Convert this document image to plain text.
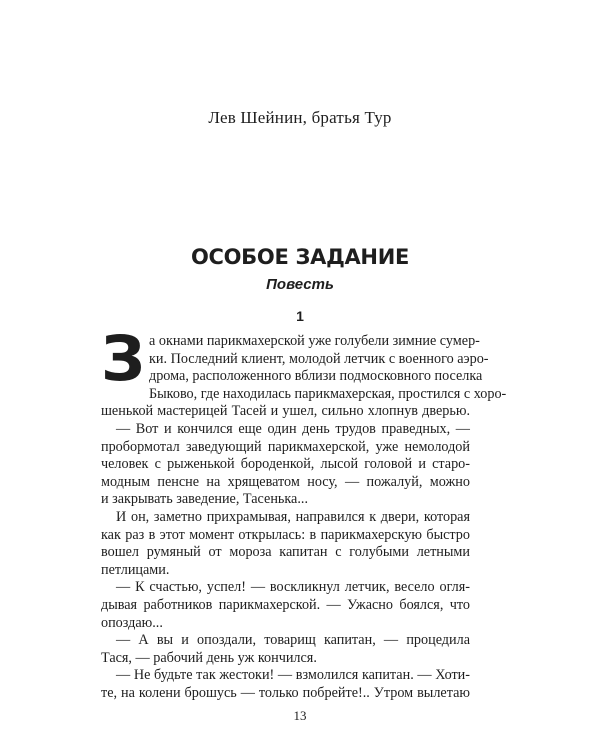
Лев Шейнин, братья Тур
ОСОБОЕ ЗАДАНИЕ
Повесть
1
З а окнами парикмахерской уже голубели зимние сумер-
ки. Последний клиент, молодой летчик с военного аэро-
дрома, расположенного вблизи подмосковного поселка
Быково, где находилась парикмахерская, простился с хоро-
шенькой мастерицей Тасей и ушел, сильно хлопнув дверью.
— Вот и кончился еще один день трудов праведных, —
пробормотал заведующий парикмахерской, уже немолодой
человек с рыженькой бороденкой, лысой головой и старо-
модным пенсне на хрящеватом носу, — пожалуй, можно
и закрывать заведение, Тасенька...
И он, заметно прихрамывая, направился к двери, которая
как раз в этот момент открылась: в парикмахерскую быстро
вошел румяный от мороза капитан с голубыми летными
петлицами.
— К счастью, успел! — воскликнул летчик, весело огля-
дывая работников парикмахерской. — Ужасно боялся, что
опоздаю...
— А вы и опоздали, товарищ капитан, — процедила
Тася, — рабочий день уж кончился.
13
— Не будьте так жестоки! — взмолился капитан. — Хоти-
те, на колени брошусь — только побрейте!.. Утром вылетаю
